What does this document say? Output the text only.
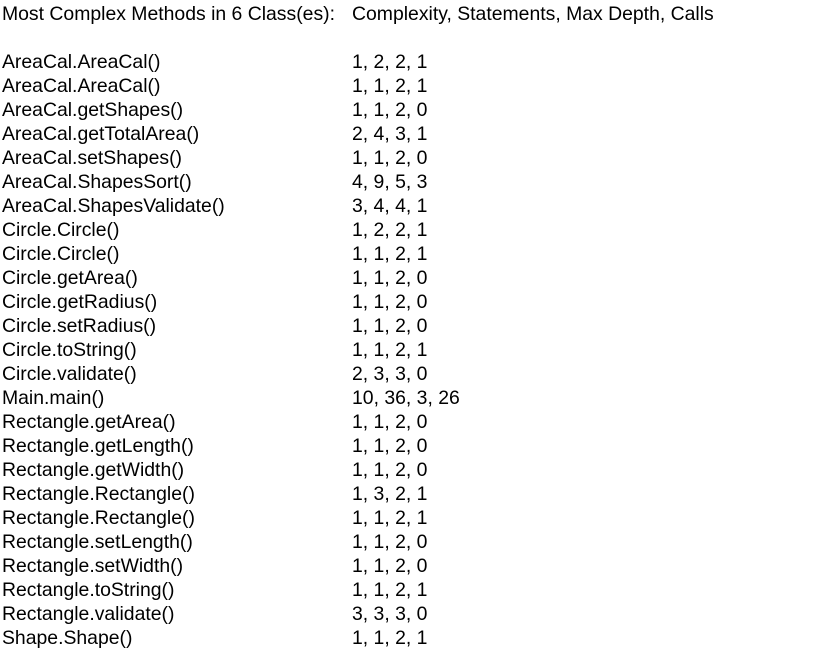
Most Complex Methods in 6 Class(es): Complexity, Statements, Max Depth, Calls
AreaCal.AreaCal()	1, 2, 2, 1
AreaCal.AreaCal()	1, 1, 2, 1
AreaCal.getShapes()	1, 1, 2, 0
AreaCal.getTotalArea()	2, 4, 3, 1
AreaCal.setShapes()	1, 1, 2, 0
AreaCal.ShapesSort()	4, 9, 5, 3
AreaCal.ShapesValidate()	3, 4, 4, 1
Circle.Circle()	1, 2, 2, 1
Circle.Circle()	1, 1, 2, 1
Circle.getArea()	1, 1, 2, 0
Circle.getRadius()	1, 1, 2, 0
Circle.setRadius()	1, 1, 2, 0
Circle.toString()	1, 1, 2, 1
Circle.validate()	2, 3, 3, 0
Main.main()	10, 36, 3, 26
Rectangle.getArea()	1, 1, 2, 0
Rectangle.getLength()	1, 1, 2, 0
Rectangle.getWidth()	1, 1, 2, 0
Rectangle.Rectangle()	1, 3, 2, 1
Rectangle.Rectangle()	1, 1, 2, 1
Rectangle.setLength()	1, 1, 2, 0
Rectangle.setWidth()	1, 1, 2, 0
Rectangle.toString()	1, 1, 2, 1
Rectangle.validate()	3, 3, 3, 0
Shape.Shape()	1, 1, 2, 1
